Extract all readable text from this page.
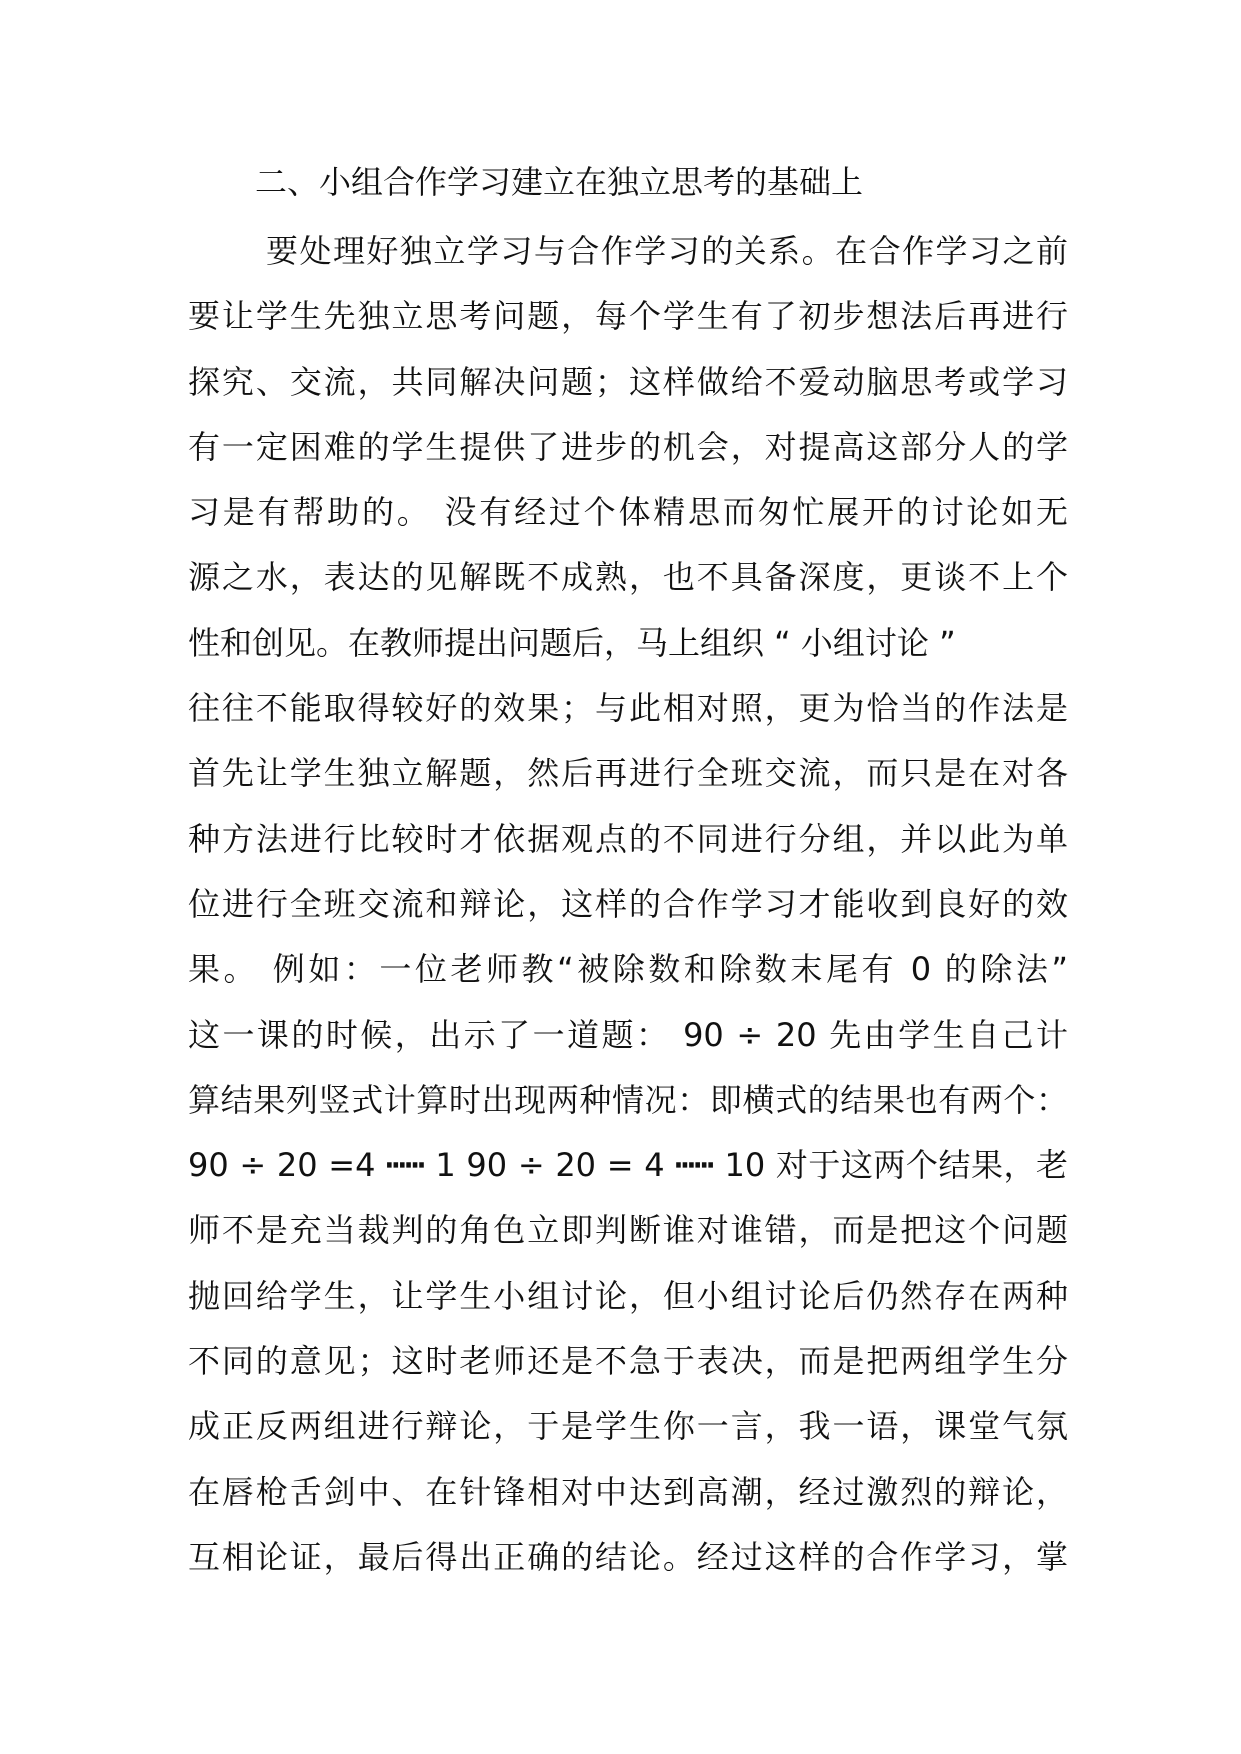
二、小组合作学习建立在独立思考的基础上
要处理好独立学习与合作学习的关系。在合作学习之前
要让学生先独立思考问题，每个学生有了初步想法后再进行
探究、交流，共同解决问题；这样做给不爱动脑思考或学习
有一定困难的学生提供了进步的机会，对提高这部分人的学
习是有帮助的。 没有经过个体精思而匆忙展开的讨论如无
源之水，表达的见解既不成熟，也不具备深度，更谈不上个
性和创见。在教师提出问题后，马上组织 “ 小组讨论 ”
往往不能取得较好的效果；与此相对照，更为恰当的作法是
首先让学生独立解题，然后再进行全班交流，而只是在对各
种方法进行比较时才依据观点的不同进行分组，并以此为单
位进行全班交流和辩论，这样的合作学习才能收到良好的效
果。 例如：一位老师教“被除数和除数末尾有 0 的除法”
这一课的时候，出示了一道题： 90 ÷ 20 先由学生自己计
算结果列竖式计算时出现两种情况：即横式的结果也有两个：
90 ÷ 20 =4 ┅┅ 1 90 ÷ 20 = 4 ┅┅ 10 对于这两个结果，老
师不是充当裁判的角色立即判断谁对谁错，而是把这个问题
抛回给学生，让学生小组讨论，但小组讨论后仍然存在两种
不同的意见；这时老师还是不急于表决，而是把两组学生分
成正反两组进行辩论，于是学生你一言，我一语，课堂气氛
在唇枪舌剑中、在针锋相对中达到高潮，经过激烈的辩论，
互相论证，最后得出正确的结论。经过这样的合作学习，掌
